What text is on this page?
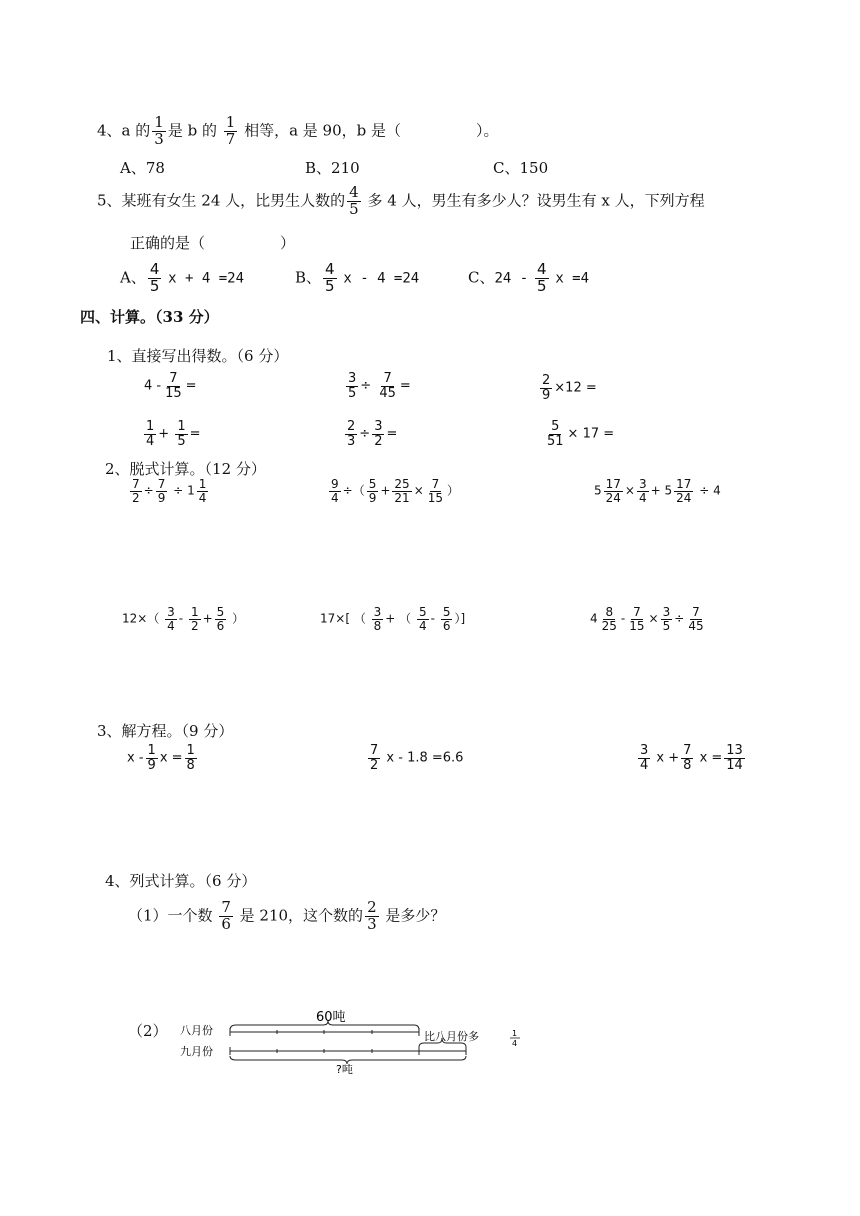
4、a 的 $\frac{1}{3}$ 是 b 的 $\frac{1}{7}$ 相等，a 是 90，b 是（　　　　　）。
A、78	B、210	C、150
5、某班有女生 24 人，比男生人数的 $\frac{4}{5}$ 多 4 人，男生有多少人？设男生有 x 人，下列方程
正确的是（　　　　　）
A、 $\frac{4}{5}$ x + 4 =24	B、 $\frac{4}{5}$ x - 4 =24	C、$24 - \frac{4}{5}$ x =4
四、计算。（33 分）
1、直接写出得数。（6 分）
$4 - \frac{7}{15}$ =	$\frac{3}{5} \div \frac{7}{45}$ =	$\frac{2}{9} \times 12$ =
$\frac{1}{4} + \frac{1}{5}$ =	$\frac{2}{3} \div \frac{3}{2}$ =	$\frac{5}{51} \times 17$ =
2、脱式计算。（12 分）
$\frac{7}{2} \div \frac{7}{9} \div 1 \frac{1}{4}$	$\frac{9}{4}$ ÷（ $\frac{5}{9} + \frac{25}{21} \times \frac{7}{15}$ ）	$5 \frac{17}{24} \times \frac{3}{4} + 5 \frac{17}{24} \div 4$
$12\times( \frac{3}{4} - \frac{1}{2} + \frac{5}{6}$ ）	17×[ （ $\frac{3}{8}$ + （ $\frac{5}{4} - \frac{5}{6}$ ）]	$4 \frac{8}{25} - \frac{7}{15} \times \frac{3}{5} \div \frac{7}{45}$
3、解方程。（9 分）
x - $\frac{1}{9}$ $x = \frac{1}{8}$	$\frac{7}{2}$ x - 1.8 =6.6	$\frac{3}{4}$ $x + \frac{7}{8}$ $x = \frac{13}{14}$
4、列式计算。（6 分）
（1）一个数 $\frac{7}{6}$ 是 210，这个数的 $\frac{2}{3}$ 是多少？
（2） 八月份
九月份
60吨
?吨
比八月份多	1
4
